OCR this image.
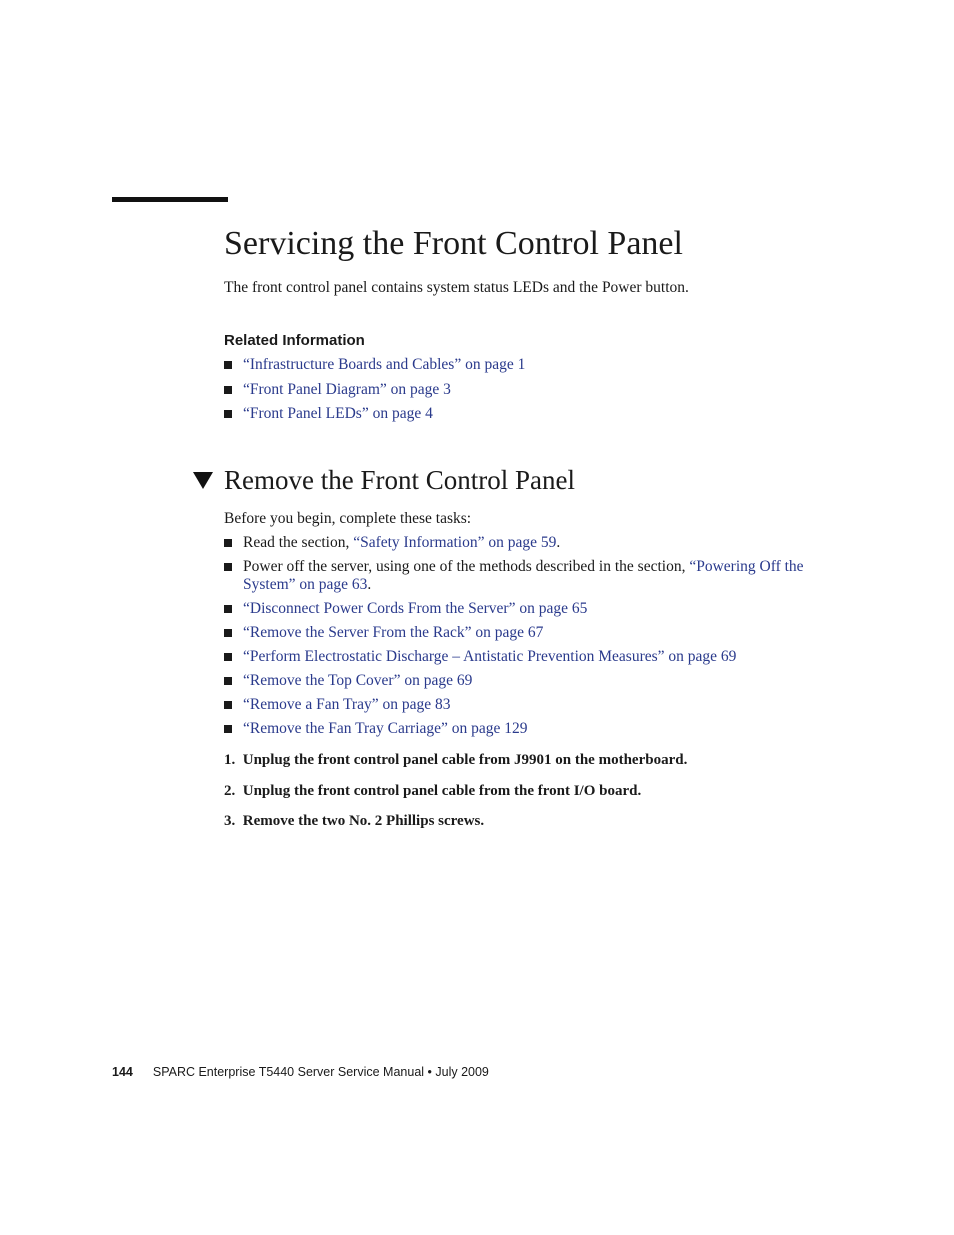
Servicing the Front Control Panel

The front control panel contains system status LEDs and the Power button.

Related Information

“Infrastructure Boards and Cables” on page 1
“Front Panel Diagram” on page 3
“Front Panel LEDs” on page 4
Remove the Front Control Panel

Before you begin, complete these tasks:

Read the section, “Safety Information” on page 59.
Power off the server, using one of the methods described in the section, “Powering Off the System” on page 63.
“Disconnect Power Cords From the Server” on page 65
“Remove the Server From the Rack” on page 67
“Perform Electrostatic Discharge – Antistatic Prevention Measures” on page 69
“Remove the Top Cover” on page 69
“Remove a Fan Tray” on page 83
“Remove the Fan Tray Carriage” on page 129
1.  Unplug the front control panel cable from J9901 on the motherboard.
2.  Unplug the front control panel cable from the front I/O board.
3.  Remove the two No. 2 Phillips screws.
144 SPARC Enterprise T5440 Server Service Manual • July 2009
